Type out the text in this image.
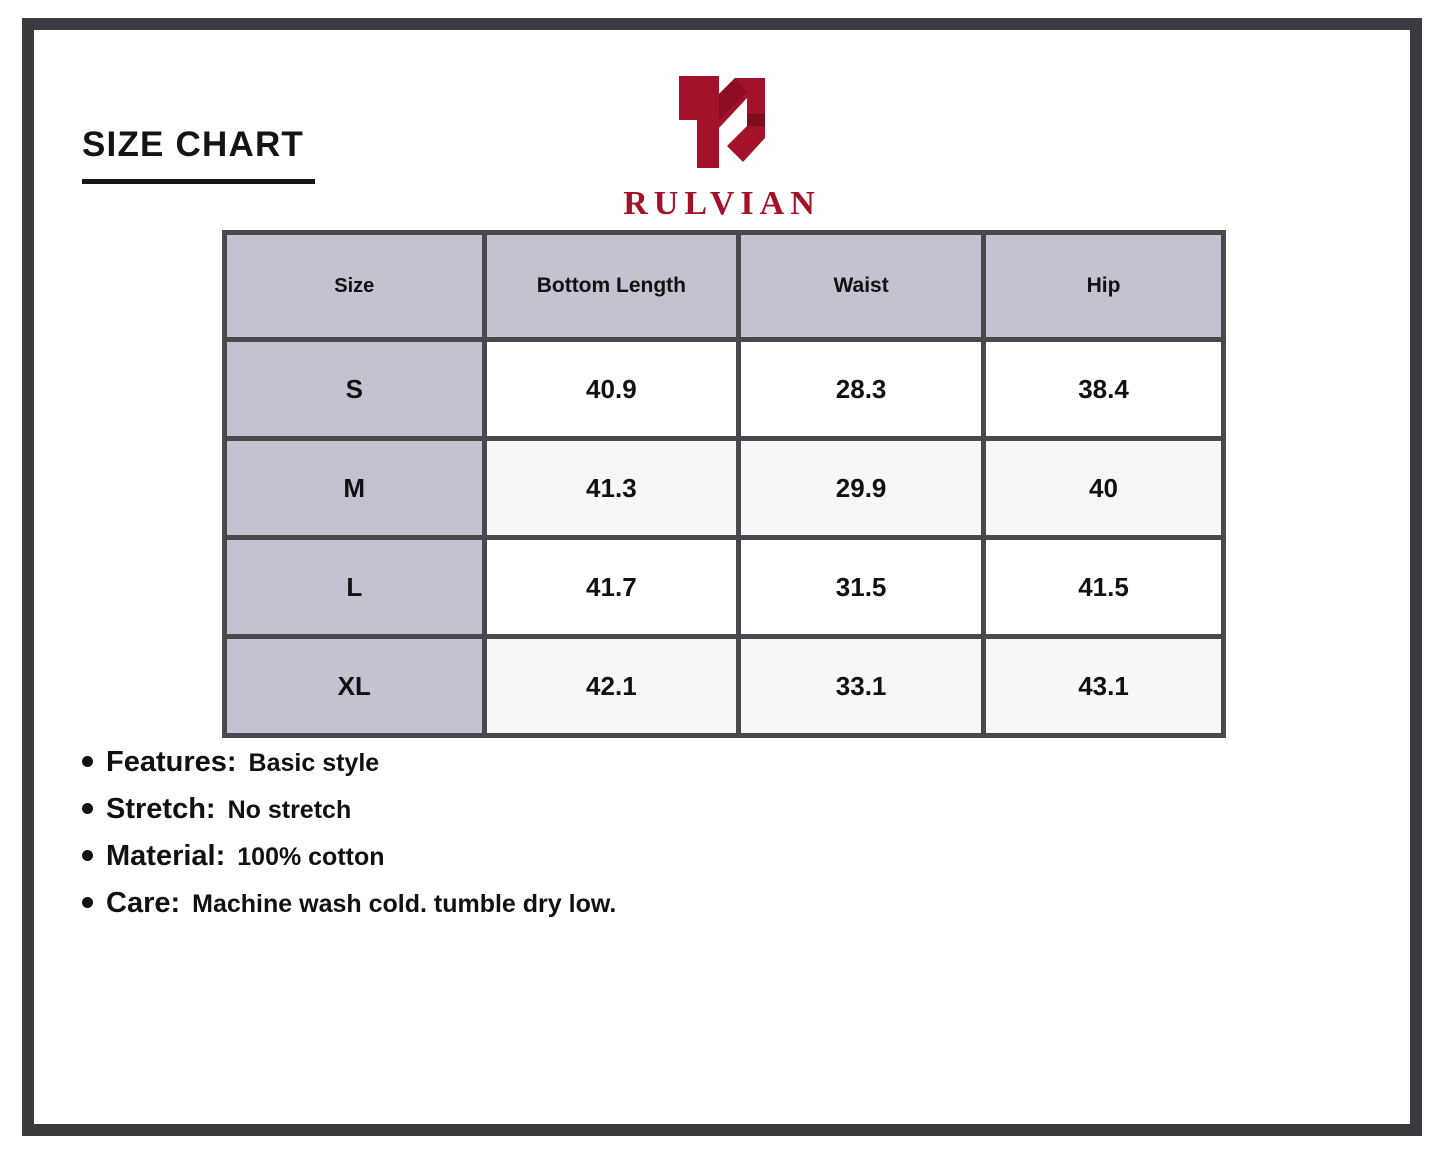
RULVIAN
SIZE CHART
Size	Bottom Length	Waist	Hip
S	40.9	28.3	38.4
M	41.3	29.9	40
L	41.7	31.5	41.5
XL	42.1	33.1	43.1
Features: Basic style
Stretch: No stretch
Material: 100% cotton
Care: Machine wash cold. tumble dry low.
